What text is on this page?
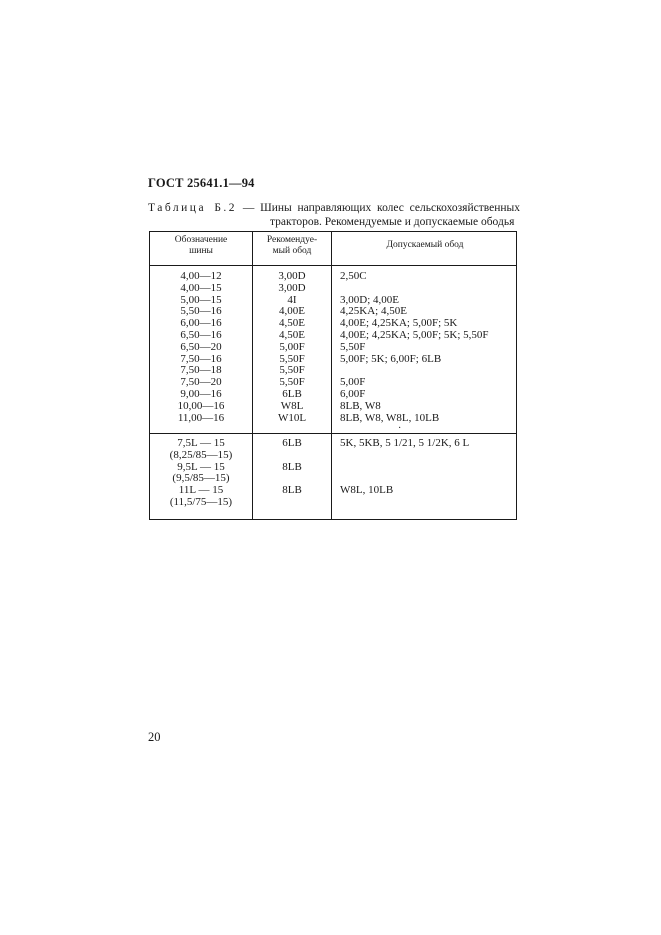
ГОСТ 25641.1—94
Таблица Б.2 — Шины направляющих колес сельскохозяйственных
тракторов. Рекомендуемые и допускаемые ободья
Обозначение
шины
Рекомендуе-
мый обод
Допускаемый обод
4,00—12
4,00—15
5,00—15
5,50—16
6,00—16
6,50—16
6,50—20
7,50—16
7,50—18
7,50—20
9,00—16
10,00—16
11,00—16
3,00D
3,00D
4I
4,00E
4,50E
4,50E
5,00F
5,50F
5,50F
5,50F
6LB
W8L
W10L
2,50C
3,00D; 4,00E
4,25KA; 4,50E
4,00E; 4,25KA; 5,00F; 5K
4,00E; 4,25KA; 5,00F; 5K; 5,50F
5,50F
5,00F; 5K; 6,00F; 6LB
5,00F
6,00F
8LB, W8
8LB, W8, W8L, 10LB
·
7,5L — 15
(8,25/85—15)
9,5L — 15
(9,5/85—15)
11L — 15
(11,5/75—15)
6LB
8LB
8LB
5K, 5KB, 5 1/21, 5 1/2K, 6 L
W8L, 10LB
20
